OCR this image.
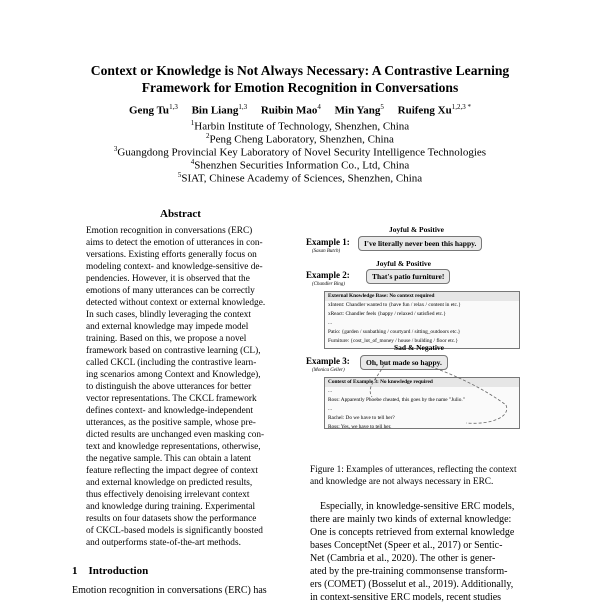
Context or Knowledge is Not Always Necessary: A Contrastive Learning
Framework for Emotion Recognition in Conversations
Geng Tu$^{1,3}$ Bin Liang$^{1,3}$ Ruibin Mao$^4$ Min Yang$^5$ Ruifeng $Xu^{1,2,3 *}$
$^1$Harbin Institute of Technology, Shenzhen, China
$^2$Peng Cheng Laboratory, Shenzhen, China
$^3$Guangdong Provincial Key Laboratory of Novel Security Intelligence Technologies
$^4$Shenzhen Securities Information Co., Ltd, China
$^5$SIAT, Chinese Academy of Sciences, Shenzhen, China
Abstract
Emotion recognition in conversations (ERC)
aims to detect the emotion of utterances in con-
versations. Existing efforts generally focus on
modeling context- and knowledge-sensitive de-
pendencies. However, it is observed that the
emotions of many utterances can be correctly
detected without context or external knowledge.
In such cases, blindly leveraging the context
and external knowledge may impede model
training. Based on this, we propose a novel
framework based on contrastive learning (CL),
called CKCL (including the contrastive learn-
ing scenarios among Context and Knowledge),
to distinguish the above utterances for better
vector representations. The CKCL framework
defines context- and knowledge-independent
utterances, as the positive sample, whose pre-
dicted results are unchanged even masking con-
text and knowledge representations, otherwise,
the negative sample. This can obtain a latent
feature reflecting the impact degree of context
and external knowledge on predicted results,
thus effectively denoising irrelevant context
and knowledge during training. Experimental
results on four datasets show the performance
of CKCL-based models is significantly boosted
and outperforms state-of-the-art methods.
1 Introduction
Emotion recognition in conversations (ERC) has
Joyful & Positive
Example 1:
(Sasan Butch)
I've literally never been this happy.
Joyful & Positive
Example 2:
(Chandler Bing)
That's patio furniture!
External Knowledge Base: No context required
xIntent: Chandler wanted to {have fun / relax / content in etc.}
xReact: Chandler feels {happy / relaxed / satisfied etc.}
...
Patio: {garden / sunbathing / courtyard / sitting_outdoors etc.}
Furniture: {cost_lot_of_money / house / building / floor etc.}
Sad & Negative
Example 3:
(Monica Geller)
Oh, but made so happy.
Context of Example 3: No knowledge required
...
Ross: Apparently Phoebe cheated, this goes by the name "Julio."
...
Rachel: Do we have to tell her?
Ross: Yes, we have to tell her.
Figure 1: Examples of utterances, reflecting the context
and knowledge are not always necessary in ERC.
Especially, in knowledge-sensitive ERC models,
there are mainly two kinds of external knowledge:
One is concepts retrieved from external knowledge
bases ConceptNet (Speer et al., 2017) or Sentic-
Net (Cambria et al., 2020). The other is gener-
ated by the pre-training commonsense transform-
ers (COMET) (Bosselut et al., 2019). Additionally,
in context-sensitive ERC models, recent studies
